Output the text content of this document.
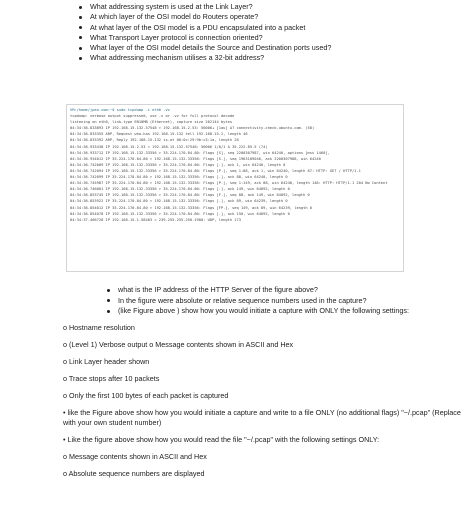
What addressing system is used at the Link Layer?
At which layer of the OSI model do Routers operate?
At what layer of the OSI model is a PDU encapsulated into a packet
What Transport Layer protocol is connection oriented?
What layer of the OSI model details the Source and Destination ports used?
What addressing mechanism utilises a 32-bit address?
VM:/home/jpeo.com:~$ sudo tcpdump -i eth0 -vv
tcpdump: verbose output suppressed, use -v or -vv for full protocol decode
listening on eth0, link-type EN10MB (Ethernet), capture size 262144 bytes
04:34:36.833893 IP 192.168.15.132.57548 > 192.168.15.2.53: 56006+ [1au] A? connectivity-check.ubuntu.com. (58)
04:34:36.833355 ARP, Request who-has 192.168.15.132 tell 192.168.15.2, length 46
04:34:36.833392 ARP, Reply 192.168.15.132 is-at 00:0c:29:9b:c3:1a, length 28
04:34:36.933438 IP 192.168.15.2.53 > 192.168.15.132.57548: 56006 1/0/1 A 35.222.85.5 (74)
04:34:36.933712 IP 192.168.15.132.33356 > 35.224.170.84.80: Flags [S], seq 2200307987, win 64240, options [mss 1460],
04:34:36.934012 IP 35.224.170.84.80 > 192.168.15.132.33356: Flags [S.], seq 1963109046, ack 2200307988, win 64240
04:34:36.742009 IP 192.168.15.132.33356 > 35.224.170.84.80: Flags [.], ack 1, win 64240, length 0
04:34:36.742094 IP 192.168.15.132.33356 > 35.224.170.84.80: Flags [P.], seq 1:88, ack 1, win 64240, length 87: HTTP: GET / HTTP/1.1
04:34:36.742099 IP 35.224.170.84.80 > 192.168.15.132.33356: Flags [.], ack 88, win 64240, length 0
04:34:36.745987 IP 35.224.170.84.80 > 192.168.15.132.33356: Flags [P.], seq 1:149, ack 88, win 64240, length 148: HTTP: HTTP/1.1 204 No Content
04:34:36.746001 IP 192.168.15.132.33356 > 35.224.170.84.80: Flags [.], ack 149, win 64092, length 0
04:34:36.853745 IP 192.168.15.132.33356 > 35.224.170.84.80: Flags [F.], seq 88, ack 149, win 64092, length 0
04:34:36.853922 IP 35.224.170.84.80 > 192.168.15.132.33356: Flags [.], ack 89, win 64239, length 0
04:34:36.854012 IP 35.224.170.84.80 > 192.168.15.132.33356: Flags [FP.], seq 149, ack 89, win 64239, length 0
04:34:36.854078 IP 192.168.15.132.33356 > 35.224.170.84.80: Flags [.], ack 150, win 64092, length 0
04:34:37.466728 IP 192.168.15.1.58463 > 239.255.255.250.1900: UDP, length 173
what is the IP address of the HTTP Server of the figure above?
In the figure were absolute or relative sequence numbers used in the capture?
(like Figure above ) show how you would initiate a capture with ONLY the following settings:
o Hostname resolution
o (Level 1) Verbose output o Message contents shown in ASCII and Hex
o Link Layer header shown
o Trace stops after 10 packets
o Only the first 100 bytes of each packet is captured
• like the Figure above show how you would initiate a capture and write to a file ONLY (no additional flags) "~/.pcap" (Replace with your own student number)
• Like the figure above show how you would read the file "~/.pcap" with the following settings ONLY:
o Message contents shown in ASCII and Hex
o Absolute sequence numbers are displayed
